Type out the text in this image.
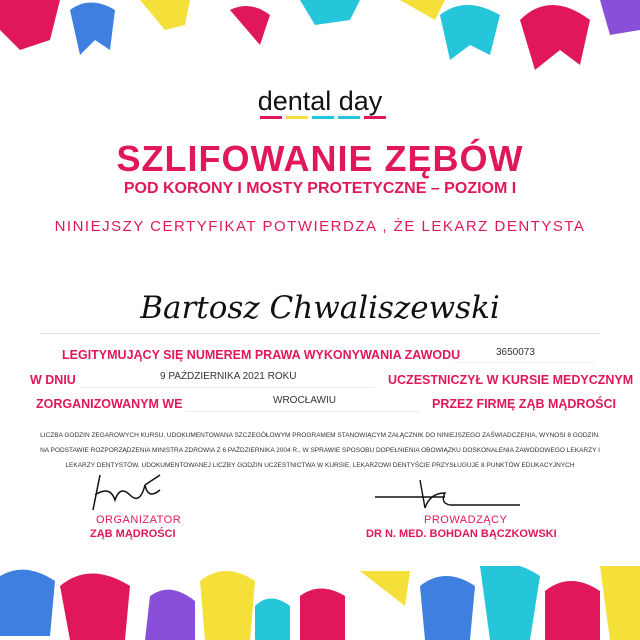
dental day
SZLIFOWANIE ZĘBÓW
POD KORONY I MOSTY PROTETYCZNE – POZIOM I
NINIEJSZY CERTYFIKAT POTWIERDZA , ŻE LEKARZ DENTYSTA
Bartosz Chwaliszewski
LEGITYMUJĄCY SIĘ NUMEREM PRAWA WYKONYWANIA ZAWODU	3650073
W DNIU	9 PAŹDZIERNIKA 2021 ROKU	UCZESTNICZYŁ W KURSIE MEDYCZNYM
ZORGANIZOWANYM WE	WROCŁAWIU	PRZEZ FIRMĘ ZĄB MĄDROŚCI
LICZBA GODZIN ZEGAROWYCH KURSU, UDOKUMENTOWANA SZCZEGÓŁOWYM PROGRAMEM STANOWIĄCYM ZAŁĄCZNIK DO NINIEJSZEGO ZAŚWIADCZENIA, WYNOSI 8 GODZIN.
NA PODSTAWIE ROZPORZĄDZENIA MINISTRA ZDROWIA Z 6 PAŹDZIERNIKA 2004 R., W SPRAWIE SPOSOBU DOPEŁNIENIA OBOWIĄZKU DOSKONALENIA ZAWODOWEGO LEKARZY I
LEKARZY DENTYSTÓW, UDOKUMENTOWANEJ LICZBY GODZIN UCZESTNICTWA W KURSIE, LEKARZOWI DENTYŚCIE PRZYSŁUGUJE 8 PUNKTÓW EDUKACYJNYCH
ORGANIZATOR
ZĄB MĄDROŚCI
PROWADZĄCY
DR N. MED. BOHDAN BĄCZKOWSKI
